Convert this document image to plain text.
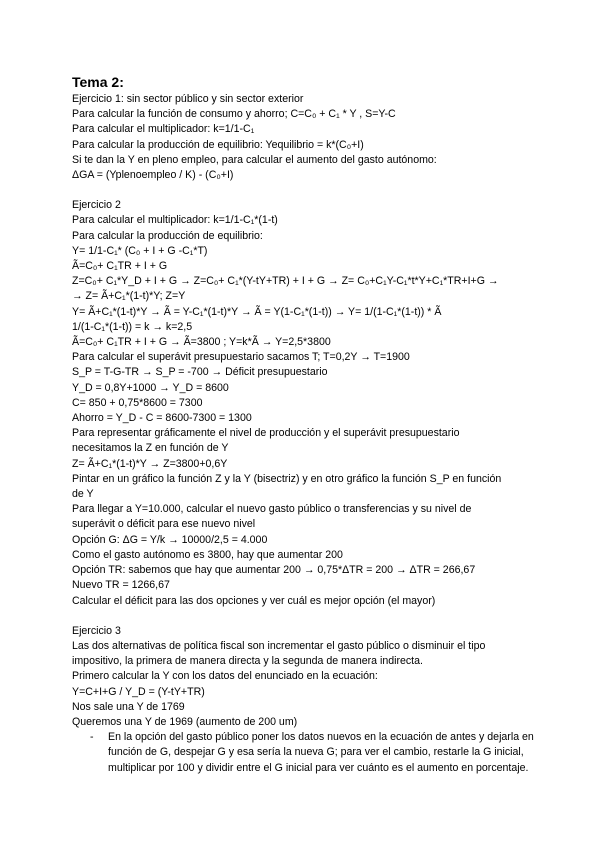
Tema 2:

Ejercicio 1: sin sector público y sin sector exterior

Para calcular la función de consumo y ahorro; C=C₀ + C₁ * Y , S=Y-C

Para calcular el multiplicador: k=1/1-C₁

Para calcular la producción de equilibrio: Yequilibrio = k*(C₀+I)

Si te dan la Y en pleno empleo, para calcular el aumento del gasto autónomo:

ΔGA = (Yplenoempleo / K) - (C₀+I)

Ejercicio 2

Para calcular el multiplicador: k=1/1-C₁*(1-t)

Para calcular la producción de equilibrio:

Y= 1/1-C₁* (C₀ + I + G -C₁*T)

Ã=C₀+ C₁TR + I + G

Z=C₀+ C₁*Y_D + I + G → Z=C₀+ C₁*(Y-tY+TR) + I + G → Z= C₀+C₁Y-C₁*t*Y+C₁*TR+I+G →

→ Z= Ã+C₁*(1-t)*Y; Z=Y

Y= Ã+C₁*(1-t)*Y → Ã = Y-C₁*(1-t)*Y → Ã = Y(1-C₁*(1-t)) → Y= 1/(1-C₁*(1-t)) * Ã

1/(1-C₁*(1-t)) = k → k=2,5

Ã=C₀+ C₁TR + I + G → Ã=3800 ; Y=k*Ã → Y=2,5*3800

Para calcular el superávit presupuestario sacamos T; T=0,2Y → T=1900

S_P = T-G-TR → S_P = -700 → Déficit presupuestario

Y_D = 0,8Y+1000 → Y_D = 8600

C= 850 + 0,75*8600 = 7300

Ahorro = Y_D - C = 8600-7300 = 1300

Para representar gráficamente el nivel de producción y el superávit presupuestario

necesitamos la Z en función de Y

Z= Ã+C₁*(1-t)*Y → Z=3800+0,6Y

Pintar en un gráfico la función Z y la Y (bisectriz) y en otro gráfico la función S_P en función

de Y

Para llegar a Y=10.000, calcular el nuevo gasto público o transferencias y su nivel de

superávit o déficit para ese nuevo nivel

Opción G: ΔG = Y/k → 10000/2,5 = 4.000

Como el gasto autónomo es 3800, hay que aumentar 200

Opción TR: sabemos que hay que aumentar 200 → 0,75*ΔTR = 200 → ΔTR = 266,67

Nuevo TR = 1266,67

Calcular el déficit para las dos opciones y ver cuál es mejor opción (el mayor)

Ejercicio 3

Las dos alternativas de política fiscal son incrementar el gasto público o disminuir el tipo

impositivo, la primera de manera directa y la segunda de manera indirecta.

Primero calcular la Y con los datos del enunciado en la ecuación:

Y=C+I+G / Y_D = (Y-tY+TR)

Nos sale una Y de 1769

Queremos una Y de 1969 (aumento de 200 um)

- En la opción del gasto público poner los datos nuevos en la ecuación de antes y dejarla en función de G, despejar G y esa sería la nueva G; para ver el cambio, restarle la G inicial, multiplicar por 100 y dividir entre el G inicial para ver cuánto es el aumento en porcentaje.
